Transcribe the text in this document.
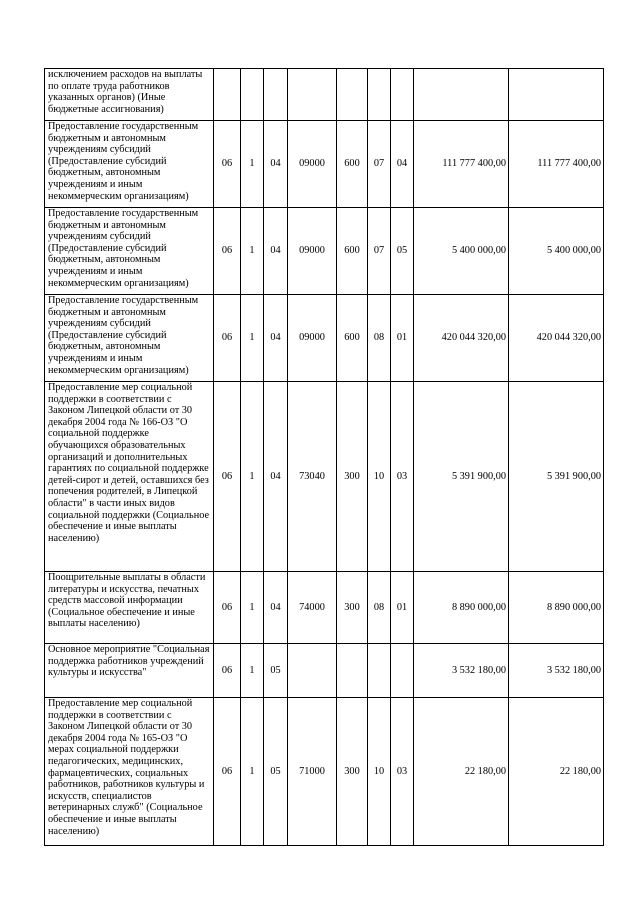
исключением расходов на выплаты по оплате труда работников указанных органов) (Иные бюджетные ассигнования)									
Предоставление государственным бюджетным и автономным учреждениям субсидий (Предоставление субсидий бюджетным, автономным учреждениям и иным некоммерческим организациям)	06	1	04	09000	600	07	04	111 777 400,00	111 777 400,00
Предоставление государственным бюджетным и автономным учреждениям субсидий (Предоставление субсидий бюджетным, автономным учреждениям и иным некоммерческим организациям)	06	1	04	09000	600	07	05	5 400 000,00	5 400 000,00
Предоставление государственным бюджетным и автономным учреждениям субсидий (Предоставление субсидий бюджетным, автономным учреждениям и иным некоммерческим организациям)	06	1	04	09000	600	08	01	420 044 320,00	420 044 320,00
Предоставление мер социальной поддержки в соответствии с Законом Липецкой области от 30 декабря 2004 года № 166-ОЗ "О социальной поддержке обучающихся образовательных организаций и дополнительных гарантиях по социальной поддержке детей-сирот и детей, оставшихся без попечения родителей, в Липецкой области" в части иных видов социальной поддержки (Социальное обеспечение и иные выплаты населению)	06	1	04	73040	300	10	03	5 391 900,00	5 391 900,00
Поощрительные выплаты в области литературы и искусства, печатных средств массовой информации (Социальное обеспечение и иные выплаты населению)	06	1	04	74000	300	08	01	8 890 000,00	8 890 000,00
Основное мероприятие "Социальная поддержка работников учреждений культуры и искусства"	06	1	05					3 532 180,00	3 532 180,00
Предоставление мер социальной поддержки в соответствии с Законом Липецкой области от 30 декабря 2004 года № 165-ОЗ "О мерах социальной поддержки педагогических, медицинских, фармацевтических, социальных работников, работников культуры и искусств, специалистов ветеринарных служб" (Социальное обеспечение и иные выплаты населению)	06	1	05	71000	300	10	03	22 180,00	22 180,00
